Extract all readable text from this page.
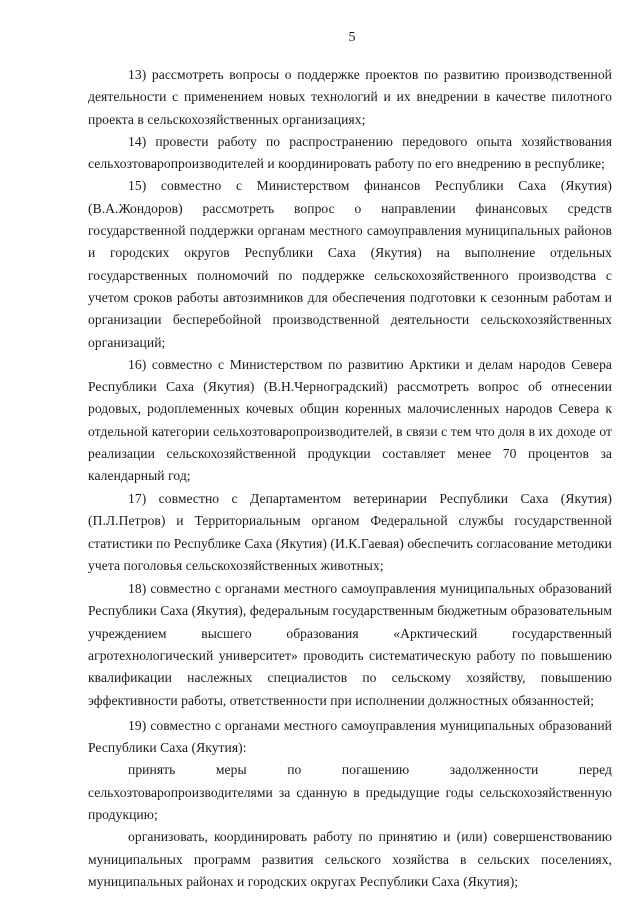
5

13) рассмотреть вопросы о поддержке проектов по развитию производственной деятельности с применением новых технологий и их внедрении в качестве пилотного проекта в сельскохозяйственных организациях;

14) провести работу по распространению передового опыта хозяйствования сельхозтоваропроизводителей и координировать работу по его внедрению в республике;

15) совместно с Министерством финансов Республики Саха (Якутия) (В.А.Жондоров) рассмотреть вопрос о направлении финансовых средств государственной поддержки органам местного самоуправления муниципальных районов и городских округов Республики Саха (Якутия) на выполнение отдельных государственных полномочий по поддержке сельскохозяйственного производства с учетом сроков работы автозимников для обеспечения подготовки к сезонным работам и организации бесперебойной производственной деятельности сельскохозяйственных организаций;

16) совместно с Министерством по развитию Арктики и делам народов Севера Республики Саха (Якутия) (В.Н.Черноградский) рассмотреть вопрос об отнесении родовых, родоплеменных кочевых общин коренных малочисленных народов Севера к отдельной категории сельхозтоваропроизводителей, в связи с тем что доля в их доходе от реализации сельскохозяйственной продукции составляет менее 70 процентов за календарный год;

17) совместно с Департаментом ветеринарии Республики Саха (Якутия) (П.Л.Петров) и Территориальным органом Федеральной службы государственной статистики по Республике Саха (Якутия) (И.К.Гаевая) обеспечить согласование методики учета поголовья сельскохозяйственных животных;

18) совместно с органами местного самоуправления муниципальных образований Республики Саха (Якутия), федеральным государственным бюджетным образовательным учреждением высшего образования «Арктический государственный агротехнологический университет» проводить систематическую работу по повышению квалификации наслежных специалистов по сельскому хозяйству, повышению эффективности работы, ответственности при исполнении должностных обязанностей;

19) совместно с органами местного самоуправления муниципальных образований Республики Саха (Якутия):

принять меры по погашению задолженности перед сельхозтоваропроизводителями за сданную в предыдущие годы сельскохозяйственную продукцию;

организовать, координировать работу по принятию и (или) совершенствованию муниципальных программ развития сельского хозяйства в сельских поселениях, муниципальных районах и городских округах Республики Саха (Якутия);
